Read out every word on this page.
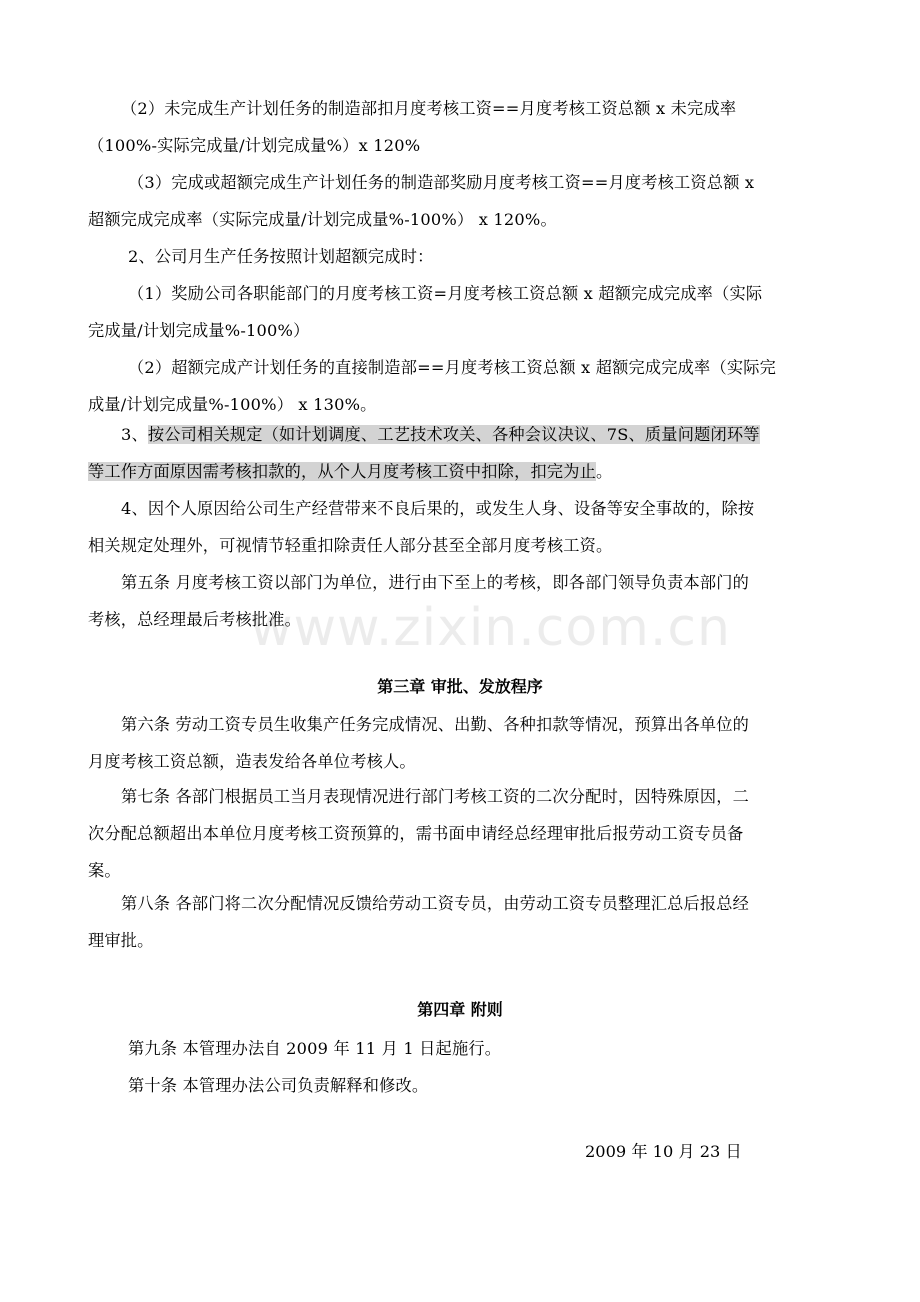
www.zixin.com.cn

（2）未完成生产计划任务的制造部扣月度考核工资==月度考核工资总额 x 未完成率
（100%-实际完成量/计划完成量%）x 120%

（3）完成或超额完成生产计划任务的制造部奖励月度考核工资==月度考核工资总额 x
超额完成完成率（实际完成量/计划完成量%-100%） x 120%。

2、公司月生产任务按照计划超额完成时：

（1）奖励公司各职能部门的月度考核工资=月度考核工资总额 x 超额完成完成率（实际
完成量/计划完成量%-100%）

（2）超额完成产计划任务的直接制造部==月度考核工资总额 x 超额完成完成率（实际完
成量/计划完成量%-100%） x 130%。

3、按公司相关规定（如计划调度、工艺技术攻关、各种会议决议、7S、质量问题闭环等
等工作方面原因需考核扣款的，从个人月度考核工资中扣除，扣完为止。

4、因个人原因给公司生产经营带来不良后果的，或发生人身、设备等安全事故的，除按
相关规定处理外，可视情节轻重扣除责任人部分甚至全部月度考核工资。

第五条 月度考核工资以部门为单位，进行由下至上的考核，即各部门领导负责本部门的
考核，总经理最后考核批准。

第三章 审批、发放程序

第六条 劳动工资专员生收集产任务完成情况、出勤、各种扣款等情况，预算出各单位的
月度考核工资总额，造表发给各单位考核人。

第七条 各部门根据员工当月表现情况进行部门考核工资的二次分配时，因特殊原因，二
次分配总额超出本单位月度考核工资预算的，需书面申请经总经理审批后报劳动工资专员备
案。

第八条 各部门将二次分配情况反馈给劳动工资专员，由劳动工资专员整理汇总后报总经
理审批。

第四章 附则

第九条 本管理办法自 2009 年 11 月 1 日起施行。

第十条 本管理办法公司负责解释和修改。

2009 年 10 月 23 日
